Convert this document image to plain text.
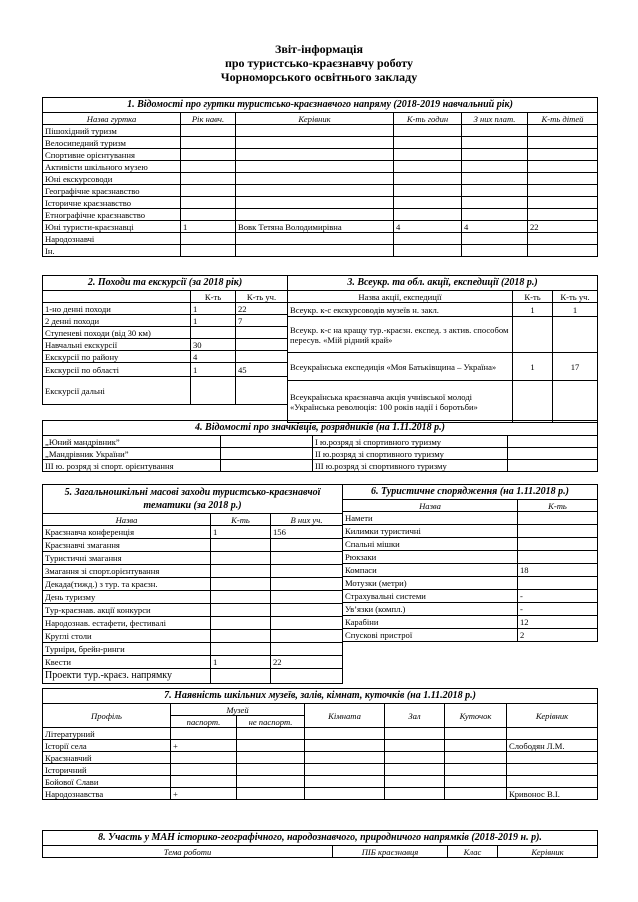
Звіт-інформація
про туристсько-краєзнавчу роботу
Чорноморського освітнього закладу
1. Відомості про гуртки туристсько-краєзнавчого напряму (2018-2019 навчальний рік)					
Назва гуртка	Рік навч.	Керівник	К-ть годин	З них плат.	К-ть дітей
Пішохідний туризм					
Велосипедний туризм					
Спортивне орієнтування					
Активісти шкільного музею					
Юні екскурсоводи					
Географічне краєзнавство					
Історичне краєзнавство					
Етнографічне краєзнавство					
Юні туристи-краєзнавці	1	Вовк Тетяна Володимирівна	4	4	22
Народознавчі					
Ін.					
2. Походи та екскурсії (за 2018 рік)		
	К-ть	К-ть уч.
1-но денні походи	1	22
2 денні походи	1	7
Ступеневі походи (від 30 км)		
Навчальні екскурсії	30	
Екскурсії по району	4	
Екскурсії по області	1	45
Екскурсії дальні		
3. Всеукр. та обл. акції, експедиції (2018 р.)		
Назва акції, експедиції	К-ть	К-ть уч.
Всеукр. к-с екскурсоводів музеїв н. закл.	1	1
Всеукр. к-с на кращу тур.-краєзн. експед. з актив. способом пересув. «Мій рідний край»		
Всеукраїнська експедиція «Моя Батьківщина – Україна»	1	17
Всеукраїнська краєзнавча акція учнівської молоді «Українська революція: 100 років надії і боротьби»		
4. Відомості про значківців, розрядників (на 1.11.2018 р.)			
„Юний мандрівник”		І ю.розряд зі спортивного туризму	
„Мандрівник України”		ІІ ю.розряд зі спортивного туризму	
ІІІ ю. розряд зі спорт. орієнтування		ІІІ ю.розряд зі спортивного туризму	
5. Загальношкільні масові заходи туристсько-краєзнавчої тематики (за 2018 р.)		
Назва	К-ть	В них уч.
Краєзнавча конференція	1	156
Краєзнавчі змагання		
Туристичні змагання		
Змагання зі спорт.орієнтування		
Декада(тижд.) з тур. та краєзн.		
День туризму		
Тур-краєзнав. акції конкурси		
Народознав. естафети, фестивалі		
Круглі столи		
Турніри, брейн-ринги		
Квести	1	22
Проекти тур.-краєз. напрямку		
6. Туристичне спорядження (на 1.11.2018 р.)	
Назва	К-ть
Намети	
Килимки туристичні	
Спальні мішки	
Рюкзаки	
Компаси	18
Мотузки (метри)	
Страхувальні системи	-
Ув’язки (компл.)	-
Карабіни	12
Спускові пристрої	2
7. Наявність шкільних музеїв, залів, кімнат, куточків (на 1.11.2018 р.)						
Профіль	Музей		Кімната	Зал	Куточок	Керівник
	паспорт.	не паспорт.				
Літературний						
Історії села	+					Слободян Л.М.
Краєзнавчий						
Історичний						
Бойової Слави						
Народознавства	+					Кривонос В.І.
8. Участь у МАН історико-географічного, народознавчого, природничого напрямків (2018-2019 н. р).
Тема роботи	ПІБ краєзнавця	Клас	Керівник
